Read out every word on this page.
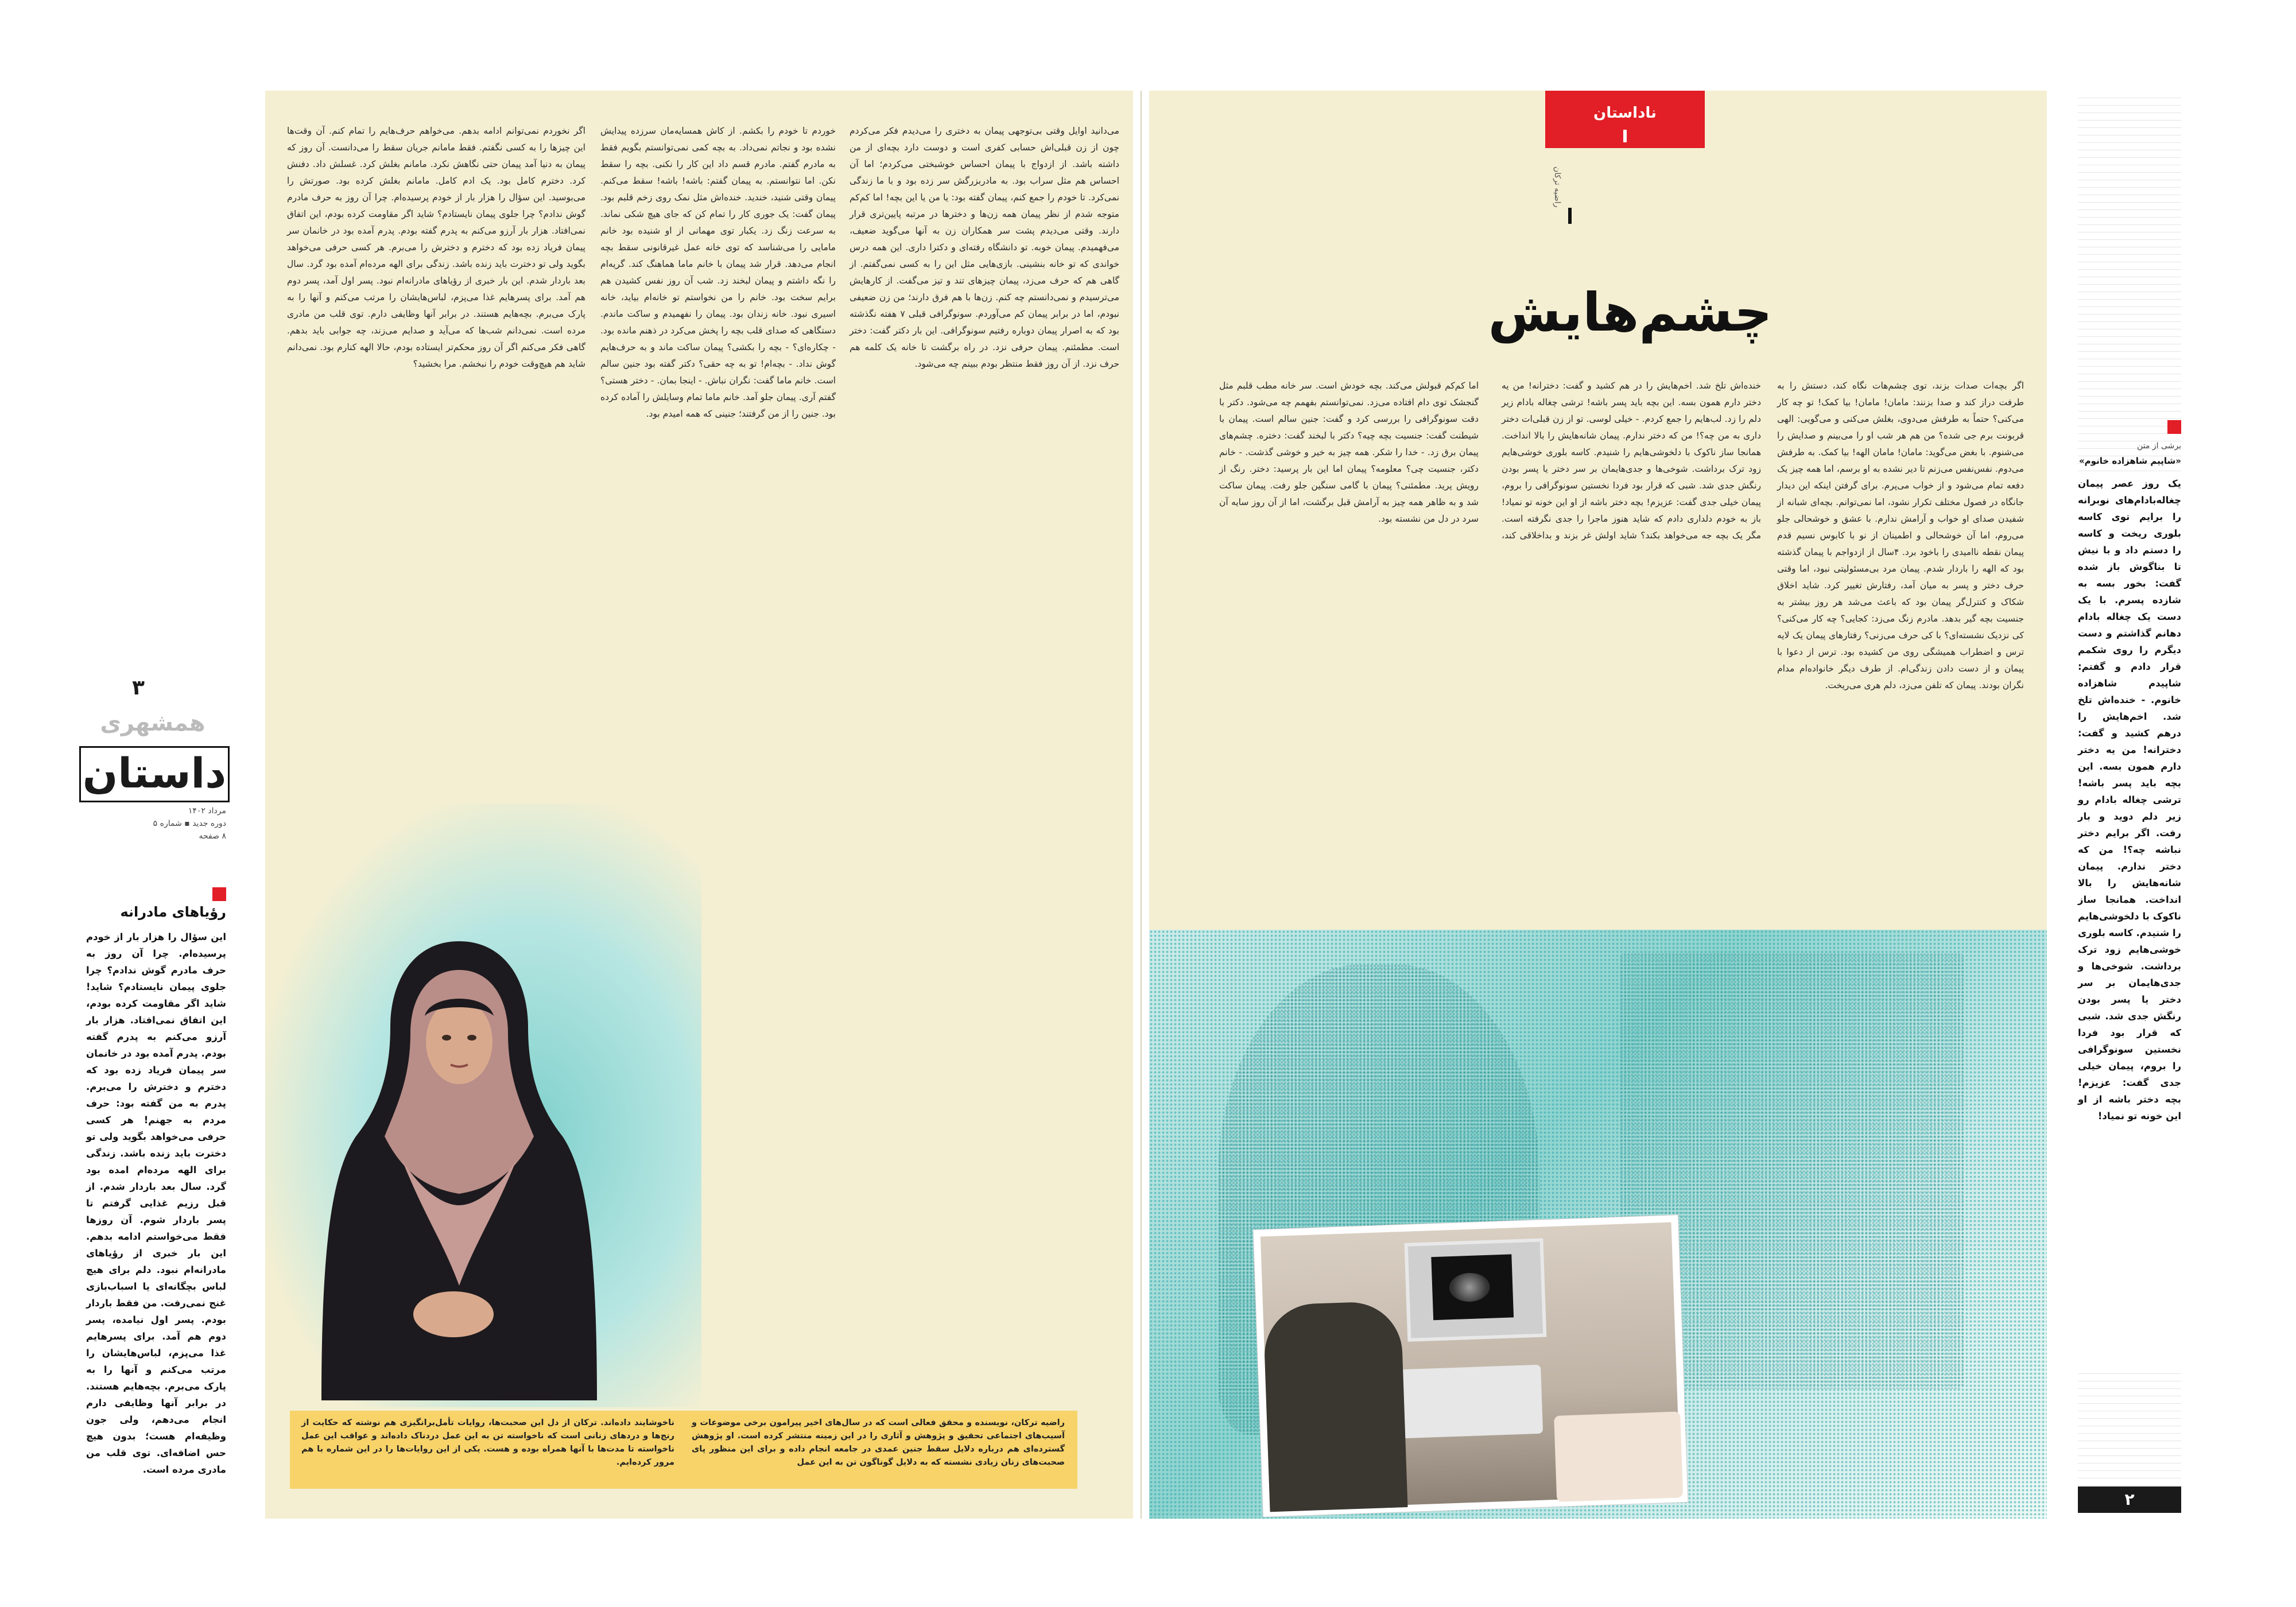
ناداستان
راضیه ترکان
چشم‌هایش
اگر بچه‌ات صدات بزند، توی چشم‌هات نگاه کند، دستش را به طرفت دراز کند و صدا بزنند: مامان! مامان! بیا کمک! تو چه کار می‌کنی؟ حتماً به طرفش می‌دوی، بغلش می‌کنی و می‌گویی: الهی قربونت برم جی شده؟ من هم هر شب او را می‌بینم و صدایش را می‌شنوم. با بغض می‌گوید: مامان! مامان الهه! بیا کمک. به طرفش می‌دوم. نفس‌نفس می‌زنم تا دیر نشده به او برسم، اما همه چیز یک دفعه تمام می‌شود و از خواب می‌پرم. برای گرفتن اینکه این دیدار جانگاه در فصول مختلف تکرار نشود، اما نمی‌توانم. بچه‌ای شبانه از شفیدن صدای او خواب و آرامش ندارم. با عشق و خوشحالی جلو می‌روم، اما آن خوشحالی و اطمینان از نو با کابوس نسیم قدم پیمان نقطه ناامیدی را باخود برد. ۴سال از ازدواجم با پیمان گذشته بود که الهه را باردار شدم. پیمان مرد بی‌مسئولیتی نبود، اما وقتی حرف دختر و پسر به میان آمد، رفتارش تغییر کرد. شاید اخلاق شکاک و کنترل‌گر پیمان بود که باعث می‌شد هر روز بیشتر به جنسیت بچه گیر بدهد. مادرم زنگ می‌زد: کجایی؟ چه کار می‌کنی؟ کی نزدیک نشسته‌ای؟ با کی حرف می‌زنی؟ رفتارهای پیمان یک لایه ترس و اضطراب همیشگی روی من کشیده بود. ترس از دعوا با پیمان و از دست دادن زندگی‌ام. از طرف دیگر خانواده‌ام مدام نگران بودند. پیمان که تلفن می‌زد، دلم هری می‌ریخت.
خنده‌اش تلخ شد. اخم‌هایش را در هم کشید و گفت: دخترانه! من یه دختر دارم همون بسه. این بچه باید پسر باشه! ترشی چغاله بادام زیر دلم را زد. لب‌هایم را جمع کردم. - خیلی لوسی. تو از زن قبلی‌ات دختر داری به من چه؟! من که دختر ندارم. پیمان شانه‌هایش را بالا انداخت. همانجا ساز ناکوک با دلخوشی‌هایم را شنیدم. کاسه بلوری خوشی‌هایم زود ترک برداشت. شوخی‌ها و جدی‌هایمان بر سر دختر یا پسر بودن رنگش جدی شد. شبی که قرار بود فردا نخستین سونوگرافی را بروم، پیمان خیلی جدی گفت: عزیزم! بچه دختر باشه از او این خونه تو نمیاد! باز به خودم دلداری دادم که شاید هنوز ماجرا را جدی نگرفته است. مگر یک بچه جه می‌خواهد بکند؟ شاید اولش غر بزند و بداخلاقی کند، اما کم‌کم قبولش می‌کند. بچه خودش است. سر خانه مطب قلبم مثل گنجشک توی دام افتاده می‌زد. نمی‌توانستم بفهمم چه می‌شود. دکتر با دقت سونوگرافی را بررسی کرد و گفت: جنین سالم است. پیمان با شیطنت گفت: جنسیت بچه چیه؟ دکتر با لبخند گفت: دختره. چشم‌های پیمان برق زد. - خدا را شکر. همه چیز به خیر و خوشی گذشت. - خانم دکتر، جنسیت چی؟ معلومه؟ پیمان اما این بار پرسید: دختر. رنگ از رویش پرید. مطمئنی؟ پیمان با گامی سنگین جلو رفت. پیمان ساکت شد و به ظاهر همه چیز به آرامش قبل برگشت، اما از آن روز سایه آن سرد در دل من نشسته بود.
می‌دانید اوایل وقتی بی‌توجهی پیمان به دختری را می‌دیدم فکر می‌کردم چون از زن قبلی‌اش حسابی کفری است و دوست دارد بچه‌ای از من داشته باشد. از ازدواج با پیمان احساس خوشبختی می‌کردم؛ اما آن احساس هم مثل سراب بود. به مادربزرگش سر زده بود و با ما زندگی نمی‌کرد. تا خودم را جمع کنم، پیمان گفته بود: یا من یا این بچه! اما کم‌کم متوجه شدم از نظر پیمان همه زن‌ها و دخترها در مرتبه پایین‌تری قرار دارند. وقتی می‌دیدم پشت سر همکاران زن به آنها می‌گوید ضعیف، می‌فهمیدم. پیمان خوبه. تو دانشگاه رفته‌ای و دکترا داری. این همه درس خواندی که تو خانه بنشینی. بازی‌هایی مثل این را به کسی نمی‌گفتم. از گاهی هم که حرف می‌زد، پیمان چیزهای تند و تیز می‌گفت. از کارهایش می‌ترسیدم و نمی‌دانستم چه کنم. زن‌ها با هم فرق دارند؛ من زن ضعیفی نبودم، اما در برابر پیمان کم می‌آوردم. سونوگرافی قبلی ۷ هفته نگذشته بود که به اصرار پیمان دوباره رفتیم سونوگرافی. این بار دکتر گفت: دختر است. مطمئنم. پیمان حرفی نزد. در راه برگشت تا خانه یک کلمه هم حرف نزد. از آن روز فقط منتظر بودم ببینم چه می‌شود.
خوردم تا خودم را بکشم. از کاش همسایه‌مان سرزده پیدایش نشده بود و نجاتم نمی‌داد. به بچه کمی نمی‌توانستم بگویم فقط به مادرم گفتم. مادرم قسم داد این کار را نکنی. بچه را سقط نکن. اما نتوانستم. به پیمان گفتم: باشه! باشه! سقط می‌کنم. پیمان وقتی شنید، خندید. خنده‌اش مثل نمک روی زخم قلبم بود. پیمان گفت: یک جوری کار را تمام کن که جای هیچ شکی نماند. به سرعت زنگ زد. یکبار توی مهمانی از او شنیده بود خانم مامایی را می‌شناسد که توی خانه عمل غیرقانونی سقط بچه انجام می‌دهد. قرار شد پیمان با خانم ماما هماهنگ کند. گریه‌ام را نگه داشتم و پیمان لبخند زد. شب آن روز نفس کشیدن هم برایم سخت بود. خانم را من نخواستم تو خانه‌ام بیاید، خانه اسیری نبود. خانه زندان بود. پیمان را نفهمیدم و ساکت ماندم. دستگاهی که صدای قلب بچه را پخش می‌کرد در ذهنم مانده بود. - چکاره‌ای؟ - بچه را بکشی؟ پیمان ساکت ماند و به حرف‌هایم گوش نداد. - بچه‌ام! تو به چه حقی؟ دکتر گفته بود جنین سالم است. خانم ماما گفت: نگران نباش. - اینجا بمان. - دختر هستی؟ گفتم آری. پیمان جلو آمد. خانم ماما تمام وسایلش را آماده کرده بود. جنین را از من گرفتند؛ جنینی که همه امیدم بود.
اگر نخوردم نمی‌توانم ادامه بدهم. می‌خواهم حرف‌هایم را تمام کنم. آن وقت‌ها این چیزها را به کسی نگفتم. فقط مامانم جریان سقط را می‌دانست. آن روز که پیمان به دنیا آمد پیمان حتی نگاهش نکرد. مامانم بغلش کرد. غسلش داد. دفنش کرد. دخترم کامل بود. یک ادم کامل. مامانم بغلش کرده بود. صورتش را می‌بوسید. این سؤال را هزار بار از خودم پرسیده‌ام. چرا آن روز به حرف مادرم گوش ندادم؟ چرا جلوی پیمان نایستادم؟ شاید اگر مقاومت کرده بودم، این اتفاق نمی‌افتاد. هزار بار آرزو می‌کنم به پدرم گفته بودم. پدرم آمده بود در خانمان سر پیمان فریاد زده بود که دخترم و دخترش را می‌برم. هر کسی حرفی می‌خواهد بگوید ولی تو دخترت باید زنده باشد. زندگی برای الهه مرده‌ام آمده بود گرد. سال بعد باردار شدم. این بار خبری از رؤیاهای مادرانه‌ام نبود. پسر اول آمد، پسر دوم هم آمد. برای پسرهایم غذا می‌پزم، لباس‌هایشان را مرتب می‌کنم و آنها را به پارک می‌برم. بچه‌هایم هستند. در برابر آنها وظایفی دارم. توی قلب من مادری مرده است. نمی‌دانم شب‌ها که می‌آید و صدایم می‌زند، چه جوابی باید بدهم. گاهی فکر می‌کنم اگر آن روز محکم‌تر ایستاده بودم، حالا الهه کنارم بود. نمی‌دانم شاید هم هیچ‌وقت خودم را نبخشم. مرا بخشید؟
راضیه ترکان، نویسنده و محقق فعالی است که در سال‌های اخیر پیرامون برخی موضوعات و آسیب‌های اجتماعی تحقیق و پژوهش و آثاری را در این زمینه منتشر کرده است. او پژوهش گسترده‌ای هم درباره دلایل سقط جنین عمدی در جامعه انجام داده و برای این منظور پای صحبت‌های زنان زیادی نشسته که به دلایل گوناگون تن به این عمل
ناخوشایند داده‌اند. ترکان از دل این صحبت‌ها، روایات تأمل‌برانگیزی هم نوشته که حکایت از رنج‌ها و دردهای زنانی است که ناخواسته تن به این عمل دردناک داده‌اند و عواقب این عمل ناخواسته تا مدت‌ها با آنها همراه بوده و هست. یکی از این روایات‌ها را در این شماره با هم مرور کرده‌ایم.
برشی از متن
«شاپیم شاهزاده خانوم»
یک روز عصر پیمان چغاله‌بادام‌های نوبرانه را برایم توی کاسه بلوری ریخت و کاسه را دستم داد و با نیش تا بناگوش باز شده گفت: بخور بسه به شازده پسرم. با یک دست یک چغاله بادام دهانم گذاشتم و دست دیگرم را روی شکمم قرار دادم و گفتم: شاپیدم شاهزاده خانوم. - خنده‌اش تلخ شد. اخم‌هایش را درهم کشید و گفت: دخترانه! من یه دختر دارم همون بسه. این بچه باید پسر باشه! ترشی چغاله بادام رو زیر دلم دوید و بار رفت. اگر برایم دختر نباشه چه؟! من که دختر ندارم. پیمان شانه‌هایش را بالا انداخت. همانجا ساز ناکوک با دلخوشی‌هایم را شنیدم. کاسه بلوری خوشی‌هایم زود ترک برداشت. شوخی‌ها و جدی‌هایمان بر سر دختر یا پسر بودن رنگش جدی شد. شبی که قرار بود فردا نخستین سونوگرافی را بروم، پیمان خیلی جدی گفت: عزیزم! بچه دختر باشه از او این خونه تو نمیاد!
۲
۳
همشهری
داستان
مرداد ۱۴۰۲
دوره جدید ▪ شماره ۵
۸ صفحه
رؤیاهای مادرانه
این سؤال را هزار بار از خودم پرسیده‌ام. چرا آن روز به حرف مادرم گوش ندادم؟ چرا جلوی پیمان نایستادم؟ شاید! شاید اگر مقاومت کرده بودم، این اتفاق نمی‌افتاد. هزار بار آرزو می‌کنم به پدرم گفته بودم. پدرم آمده بود در خانمان سر پیمان فریاد زده بود که دخترم و دخترش را می‌برم. پدرم به من گفته بود: حرف مردم به جهنم! هر کسی حرفی می‌خواهد بگوید ولی تو دخترت باید زنده باشد. زندگی برای الهه مرده‌ام امده بود گرد. سال بعد باردار شدم. از قبل رزیم غذایی گرفتم تا پسر باردار شوم. آن روزها فقط می‌خواستم ادامه بدهم. این بار خبری از رؤیاهای مادرانه‌ام نبود. دلم برای هیچ لباس بچگانه‌ای یا اسباب‌بازی غنج نمی‌رفت. من فقط باردار بودم. پسر اول نیامده، پسر دوم هم آمد. برای پسرهایم غذا می‌پزم، لباس‌هایشان را مرتب می‌کنم و آنها را به پارک می‌برم. بچه‌هایم هستند. در برابر آنها وظایفی دارم انجام می‌دهم، ولی جون وظیفه‌ام هست؛ بدون هیچ حس اضافه‌ای. توی قلب من مادری مرده است.
